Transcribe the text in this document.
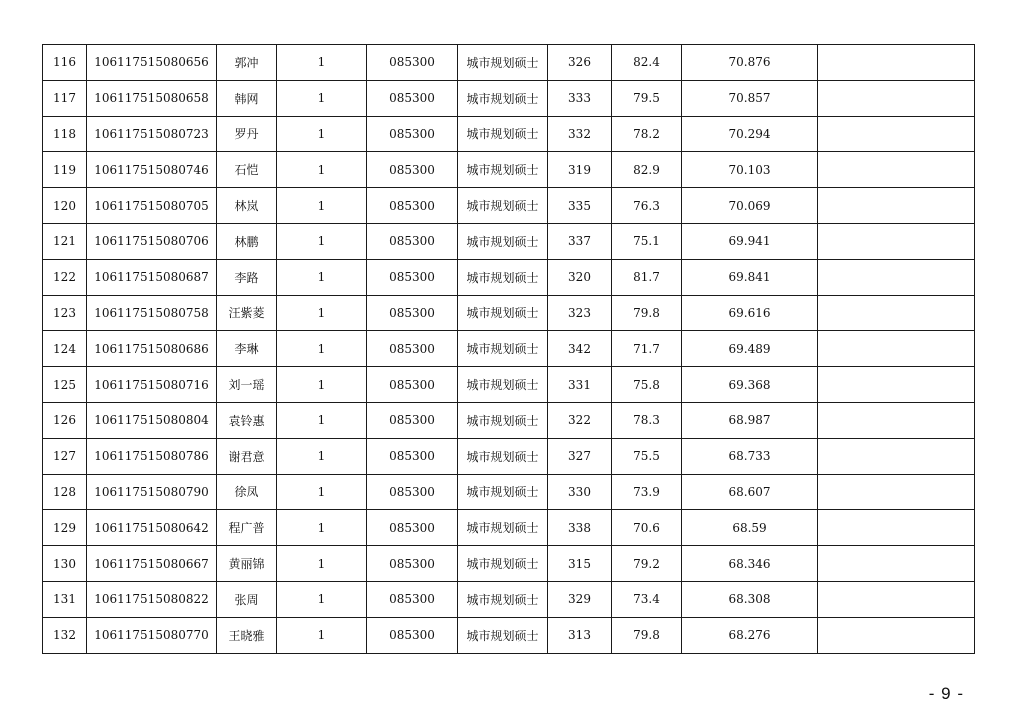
116	106117515080656	郭冲	1	085300	城市规划硕士	326	82.4	70.876	
117	106117515080658	韩网	1	085300	城市规划硕士	333	79.5	70.857	
118	106117515080723	罗丹	1	085300	城市规划硕士	332	78.2	70.294	
119	106117515080746	石恺	1	085300	城市规划硕士	319	82.9	70.103	
120	106117515080705	林岚	1	085300	城市规划硕士	335	76.3	70.069	
121	106117515080706	林鹏	1	085300	城市规划硕士	337	75.1	69.941	
122	106117515080687	李路	1	085300	城市规划硕士	320	81.7	69.841	
123	106117515080758	汪紫菱	1	085300	城市规划硕士	323	79.8	69.616	
124	106117515080686	李琳	1	085300	城市规划硕士	342	71.7	69.489	
125	106117515080716	刘一瑶	1	085300	城市规划硕士	331	75.8	69.368	
126	106117515080804	袁铃惠	1	085300	城市规划硕士	322	78.3	68.987	
127	106117515080786	谢君意	1	085300	城市规划硕士	327	75.5	68.733	
128	106117515080790	徐凤	1	085300	城市规划硕士	330	73.9	68.607	
129	106117515080642	程广普	1	085300	城市规划硕士	338	70.6	68.59	
130	106117515080667	黄丽锦	1	085300	城市规划硕士	315	79.2	68.346	
131	106117515080822	张周	1	085300	城市规划硕士	329	73.4	68.308	
132	106117515080770	王晓雅	1	085300	城市规划硕士	313	79.8	68.276	
- 9 -
